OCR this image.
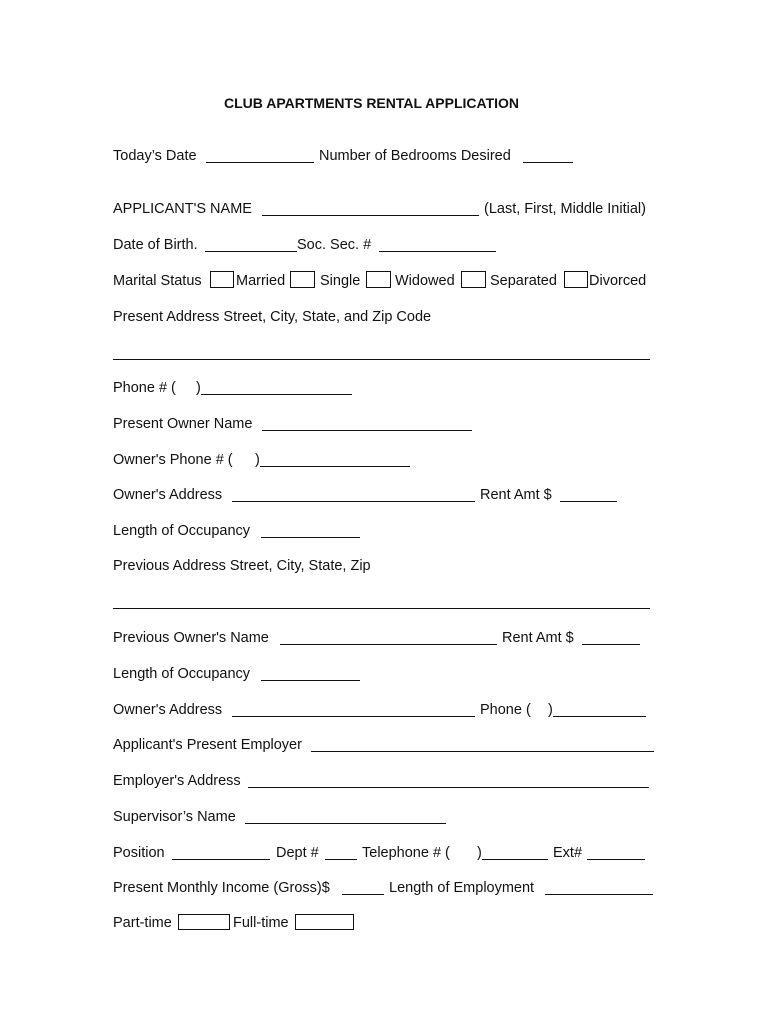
CLUB APARTMENTS RENTAL APPLICATION
Today’s Date	Number of Bedrooms Desired
APPLICANT'S NAME	(Last, First, Middle Initial)
Date of Birth.	Soc. Sec. #
Marital Status Married Single Widowed Separated Divorced
Present Address Street, City, State, and Zip Code
Phone # ( )
Present Owner Name
Owner's Phone # ( )
Owner's Address	Rent Amt $
Length of Occupancy
Previous Address Street, City, State, Zip
Previous Owner's Name	Rent Amt $
Length of Occupancy
Owner's Address	Phone ( )
Applicant's Present Employer
Employer's Address
Supervisor’s Name
Position	Dept #	Telephone # ( )	Ext#
Present Monthly Income (Gross)$	Length of Employment
Part-time	Full-time
